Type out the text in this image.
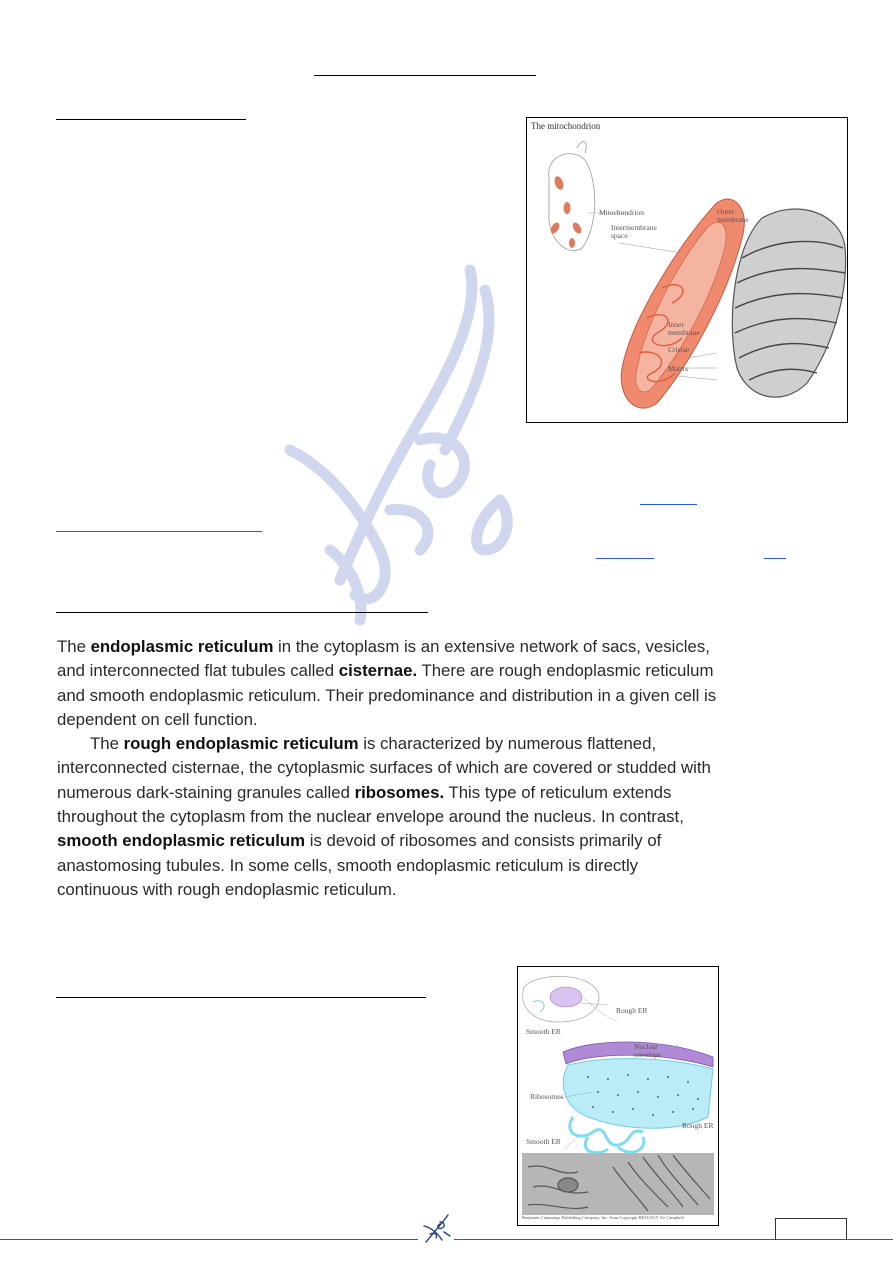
The mitochondrion
Mitochondrion
Intermembrane
space
Outer
membrane
Inner
membrane
Cristae
Matrix

The endoplasmic reticulum in the cytoplasm is an extensive network of sacs, vesicles, and interconnected flat tubules called cisternae. There are rough endoplasmic reticulum and smooth endoplasmic reticulum. Their predominance and distribution in a given cell is dependent on cell function.

The rough endoplasmic reticulum is characterized by numerous flattened, interconnected cisternae, the cytoplasmic surfaces of which are covered or studded with numerous dark-staining granules called ribosomes. This type of reticulum extends throughout the cytoplasm from the nuclear envelope around the nucleus. In contrast, smooth endoplasmic reticulum is devoid of ribosomes and consists primarily of anastomosing tubules. In some cells, smooth endoplasmic reticulum is directly continuous with rough endoplasmic reticulum.

Rough ER
Smooth ER
Nuclear
envelope
Ribosomes
Rough ER
Smooth ER
Benjamin Cummings Publishing Company, Inc. Scan Copyright BIOLOGY 5/e Campbell
